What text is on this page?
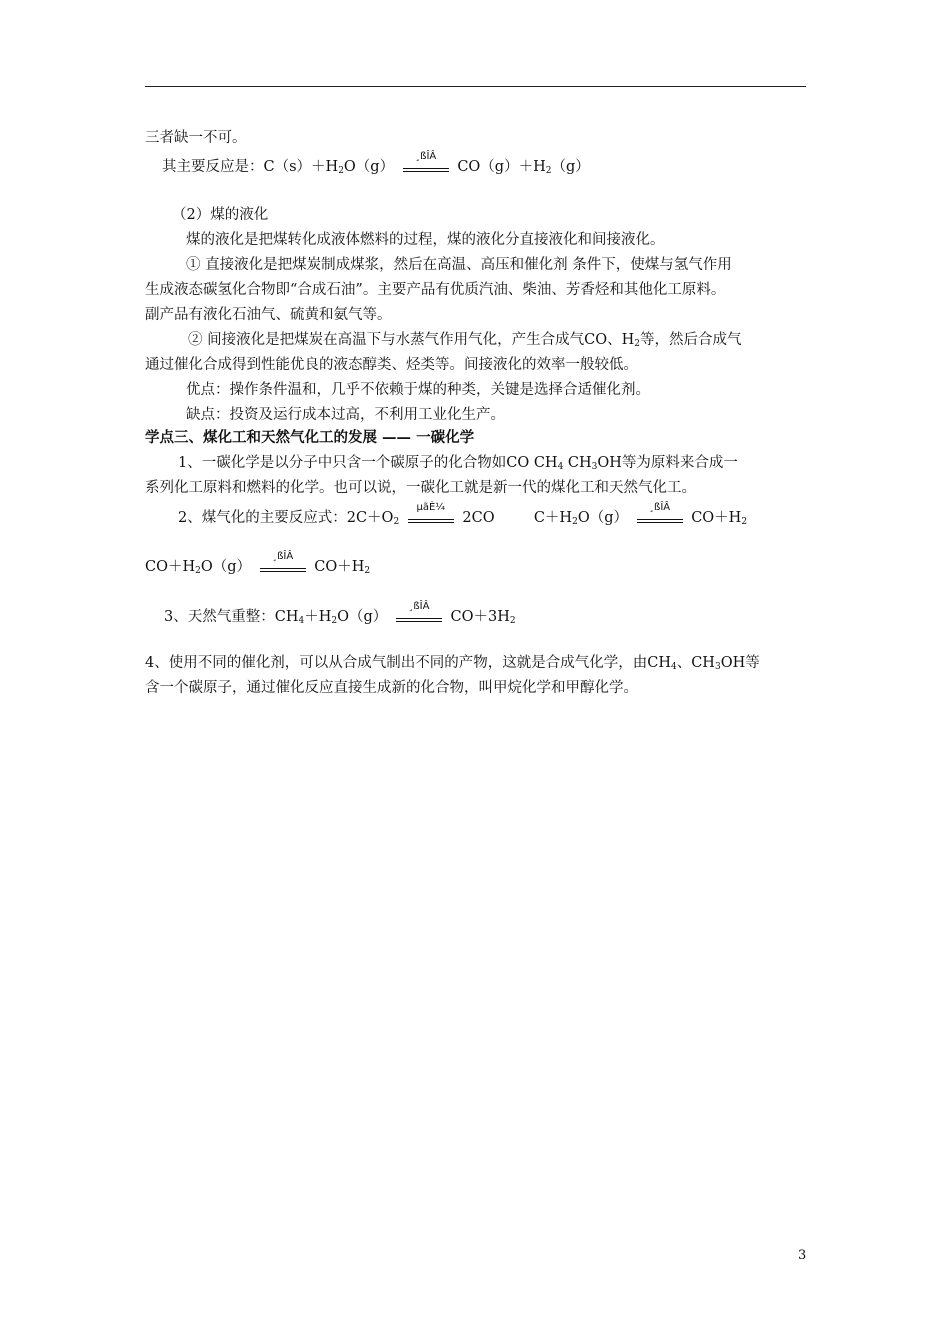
三者缺一不可。
其主要反应是：$C(s)+H_2O(g)$
¸ßÎÂ
$CO(g)+H_2(g)$
（2）煤的液化
煤的液化是把煤转化成液体燃料的过程，煤的液化分直接液化和间接液化。
① 直接液化是把煤炭制成煤浆，然后在高温、高压和催化剂 条件下，使煤与氢气作用
生成液态碳氢化合物即“合成石油”。主要产品有优质汽油、柴油、芳香烃和其他化工原料。
副产品有液化石油气、硫黄和氨气等。
② 间接液化是把煤炭在高温下与水蒸气作用气化，产生合成气CO、$H_2$等，然后合成气
通过催化合成得到性能优良的液态醇类、烃类等。间接液化的效率一般较低。
优点：操作条件温和，几乎不依赖于煤的种类，关键是选择合适催化剂。
缺点：投资及运行成本过高，不利用工业化生产。
学点三、煤化工和天然气化工的发展 —— 一碳化学
1、一碳化学是以分子中只含一个碳原子的化合物如CO $CH_4$ $CH_3OH$等为原料来合成一
系列化工原料和燃料的化学。也可以说，一碳化工就是新一代的煤化工和天然气化工。
2、煤气化的主要反应式：$2C+O_2$
µãÈ¼
2CO	$C+H_2O(g)$
¸ßÎÂ
$CO+H_2$
$CO+H_2O(g)$
¸ßÎÂ
$CO+H_2$
3、天然气重整：$CH_4+H_2O(g)$
¸ßÎÂ
$CO+3H_2$
4、使用不同的催化剂，可以从合成气制出不同的产物，这就是合成气化学，由$CH_4$、$CH_3OH$等
含一个碳原子，通过催化反应直接生成新的化合物，叫甲烷化学和甲醇化学。
3
